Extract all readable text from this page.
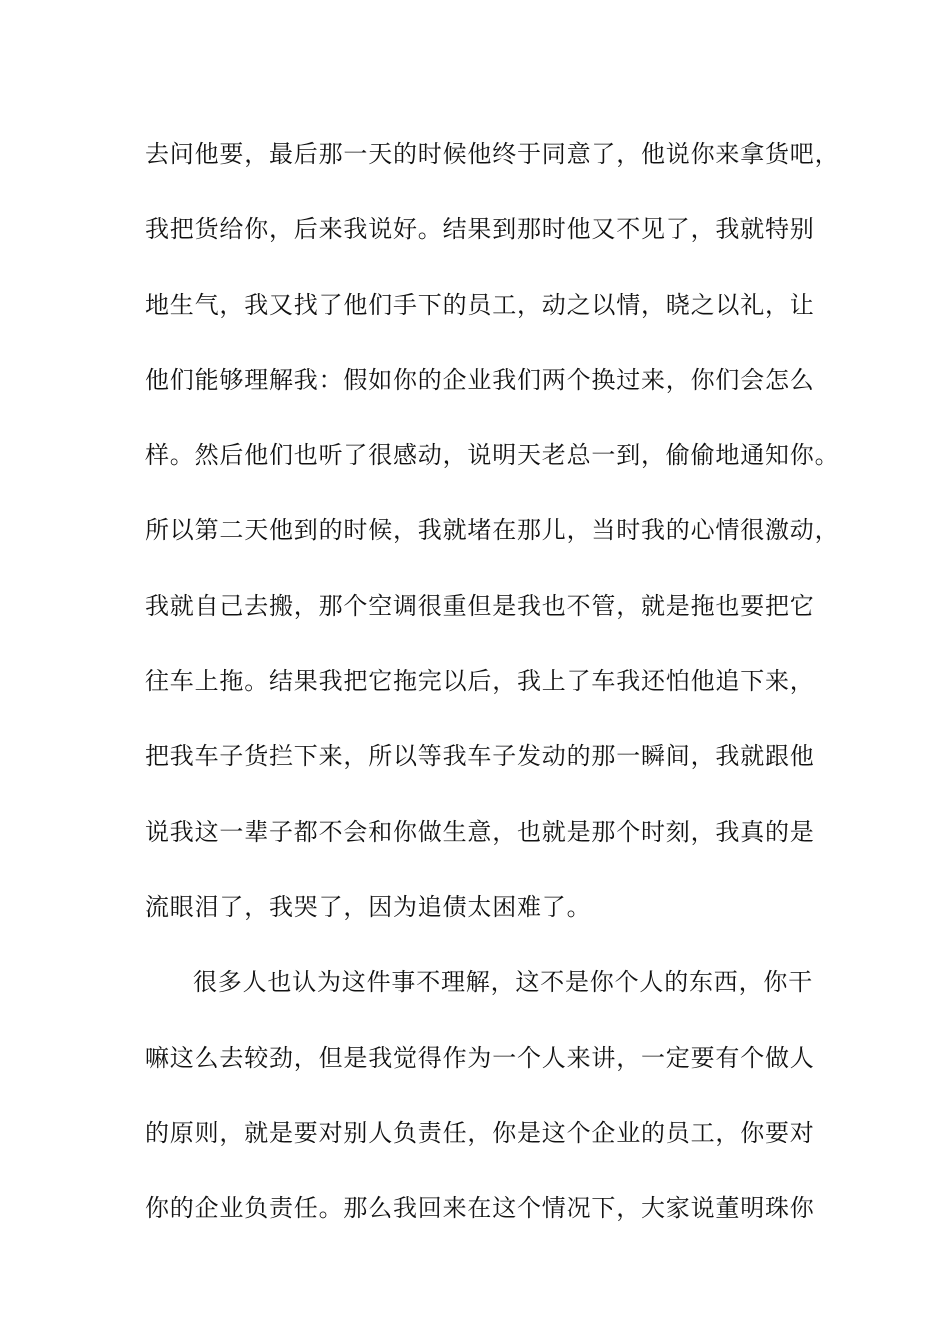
去问他要，最后那一天的时候他终于同意了，他说你来拿货吧，
我把货给你，后来我说好。结果到那时他又不见了，我就特别
地生气，我又找了他们手下的员工，动之以情，晓之以礼，让
他们能够理解我：假如你的企业我们两个换过来，你们会怎么
样。然后他们也听了很感动，说明天老总一到，偷偷地通知你。
所以第二天他到的时候，我就堵在那儿，当时我的心情很激动，
我就自己去搬，那个空调很重但是我也不管，就是拖也要把它
往车上拖。结果我把它拖完以后，我上了车我还怕他追下来，
把我车子货拦下来，所以等我车子发动的那一瞬间，我就跟他
说我这一辈子都不会和你做生意，也就是那个时刻，我真的是
流眼泪了，我哭了，因为追债太困难了。
很多人也认为这件事不理解，这不是你个人的东西，你干
嘛这么去较劲，但是我觉得作为一个人来讲，一定要有个做人
的原则，就是要对别人负责任，你是这个企业的员工，你要对
你的企业负责任。那么我回来在这个情况下，大家说董明珠你
